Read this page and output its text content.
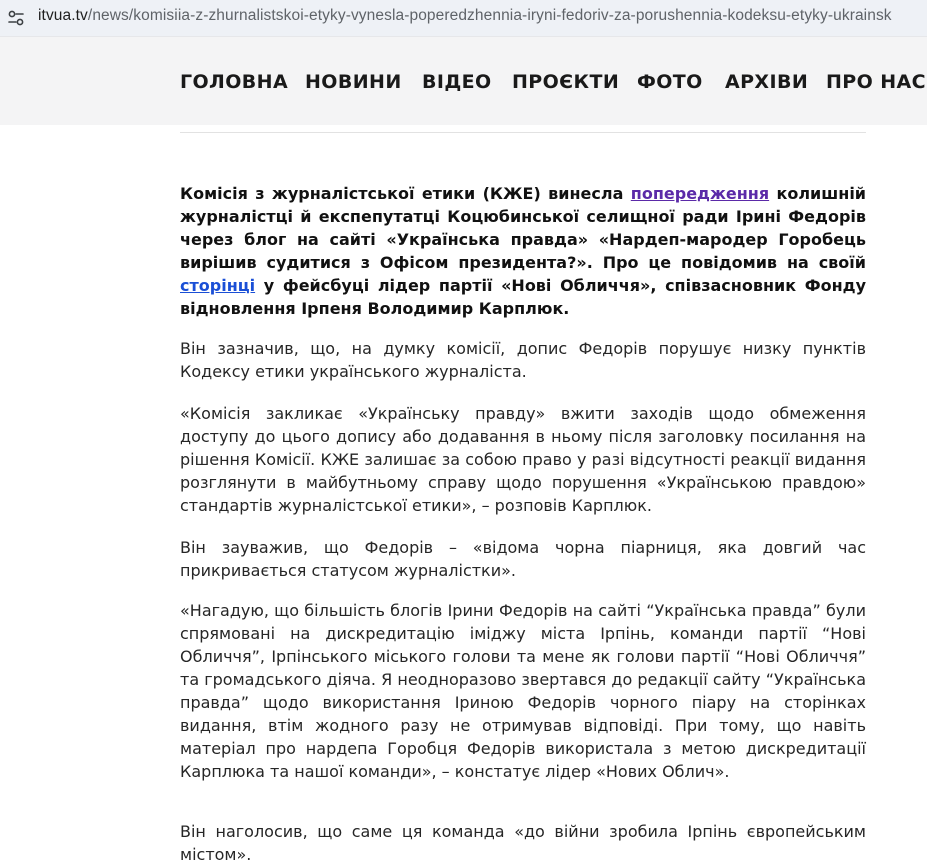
itvua.tv/news/komisiia-z-zhurnalistskoi-etyky-vynesla-poperedzhennia-iryni-fedoriv-za-porushennia-kodeksu-etyky-ukrainsk
ГОЛОВНА НОВИНИ ВІДЕО ПРОЄКТИ ФОТО АРХІВИ ПРО НАС

Комісія з журналістської етики (КЖЕ) винесла попередження колишній журналістці й експепутатці Коцюбинської селищної ради Ірині Федорів через блог на сайті «Українська правда» «Нардеп-мародер Горобець вирішив судитися з Офісом президента?». Про це повідомив на своїй сторінці у фейсбуці лідер партії «Нові Обличчя», співзасновник Фонду відновлення Ірпеня Володимир Карплюк.

Він зазначив, що, на думку комісії, допис Федорів порушує низку пунктів Кодексу етики українського журналіста.

«Комісія закликає «Українську правду» вжити заходів щодо обмеження доступу до цього допису або додавання в ньому після заголовку посилання на рішення Комісії. КЖЕ залишає за собою право у разі відсутності реакції видання розглянути в майбутньому справу щодо порушення «Українською правдою» стандартів журналістської етики», – розповів Карплюк.

Він зауважив, що Федорів – «відома чорна піарниця, яка довгий час прикривається статусом журналістки».

«Нагадую, що більшість блогів Ірини Федорів на сайті “Українська правда” були спрямовані на дискредитацію іміджу міста Ірпінь, команди партії “Нові Обличчя”, Ірпінського міського голови та мене як голови партії “Нові Обличчя” та громадського діяча. Я неодноразово звертався до редакції сайту “Українська правда” щодо використання Іриною Федорів чорного піару на сторінках видання, втім жодного разу не отримував відповіді. При тому, що навіть матеріал про нардепа Горобця Федорів використала з метою дискредитації Карплюка та нашої команди», – констатує лідер «Нових Облич».

Він наголосив, що саме ця команда «до війни зробила Ірпінь європейським містом».
